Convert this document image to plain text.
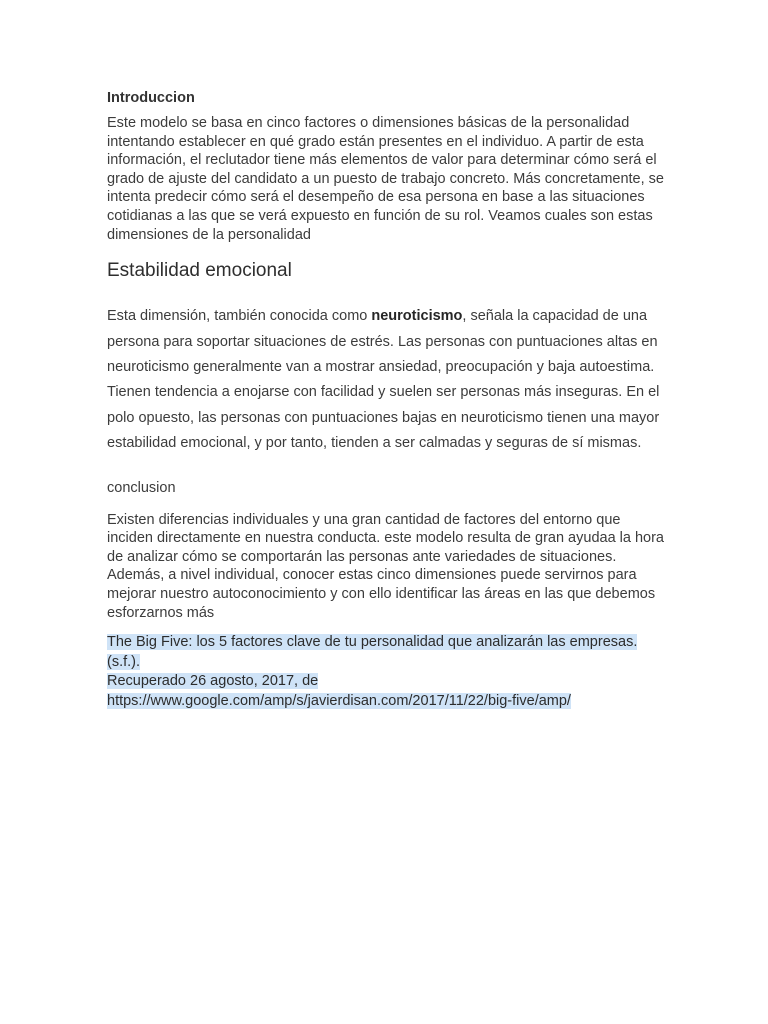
Introduccion

Este modelo se basa en cinco factores o dimensiones básicas de la personalidad
intentando establecer en qué grado están presentes en el individuo. A partir de esta
información, el reclutador tiene más elementos de valor para determinar cómo será el
grado de ajuste del candidato a un puesto de trabajo concreto. Más concretamente, se
intenta predecir cómo será el desempeño de esa persona en base a las situaciones
cotidianas a las que se verá expuesto en función de su rol. Veamos cuales son estas
dimensiones de la personalidad

Estabilidad emocional

Esta dimensión, también conocida como neuroticismo, señala la capacidad de una
persona para soportar situaciones de estrés. Las personas con puntuaciones altas en
neuroticismo generalmente van a mostrar ansiedad, preocupación y baja autoestima.
Tienen tendencia a enojarse con facilidad y suelen ser personas más inseguras. En el
polo opuesto, las personas con puntuaciones bajas en neuroticismo tienen una mayor
estabilidad emocional, y por tanto, tienden a ser calmadas y seguras de sí mismas.

conclusion

Existen diferencias individuales y una gran cantidad de factores del entorno que
inciden directamente en nuestra conducta. este modelo resulta de gran ayudaa la hora
de analizar cómo se comportarán las personas ante variedades de situaciones.
Además, a nivel individual, conocer estas cinco dimensiones puede servirnos para
mejorar nuestro autoconocimiento y con ello identificar las áreas en las que debemos
esforzarnos más

The Big Five: los 5 factores clave de tu personalidad que analizarán las empresas. (s.f.).
Recuperado 26 agosto, 2017, de
https://www.google.com/amp/s/javierdisan.com/2017/11/22/big-five/amp/
